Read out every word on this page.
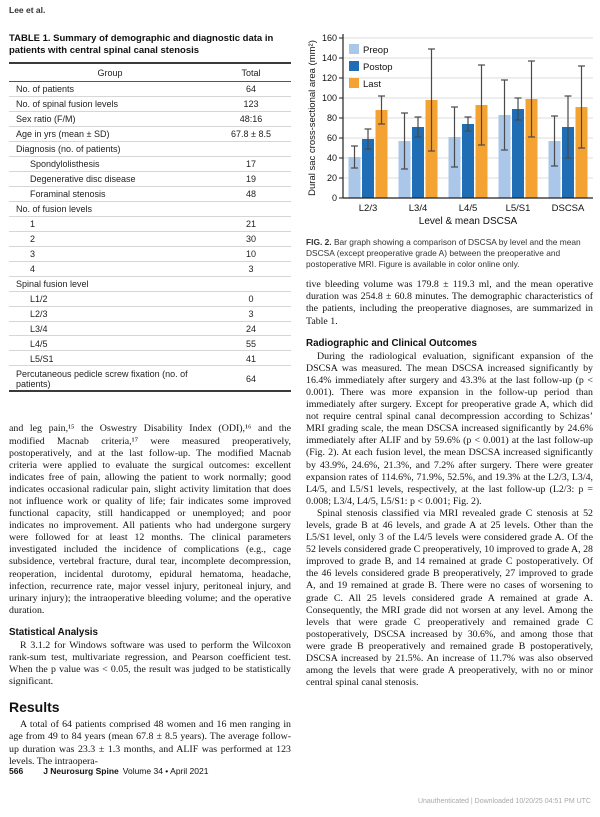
Lee et al.
TABLE 1. Summary of demographic and diagnostic data in patients with central spinal canal stenosis
Group	Total
No. of patients	64
No. of spinal fusion levels	123
Sex ratio (F/M)	48:16
Age in yrs (mean ± SD)	67.8 ± 8.5
Diagnosis (no. of patients)	
Spondylolisthesis	17
Degenerative disc disease	19
Foraminal stenosis	48
No. of fusion levels	
1	21
2	30
3	10
4	3
Spinal fusion level	
L1/2	0
L2/3	3
L3/4	24
L4/5	55
L5/S1	41
Percutaneous pedicle screw fixation (no. of patients)	64

and leg pain,¹⁵ the Oswestry Disability Index (ODI),¹⁶ and the modified Macnab criteria,¹⁷ were measured preoperatively, postoperatively, and at the last follow-up. The modified Macnab criteria were applied to evaluate the surgical outcomes: excellent indicates free of pain, allowing the patient to work normally; good indicates occasional radicular pain, slight activity limitation that does not influence work or quality of life; fair indicates some improved functional capacity, still handicapped or unemployed; and poor indicates no improvement. All patients who had undergone surgery were followed for at least 12 months. The clinical parameters investigated included the incidence of complications (e.g., cage subsidence, vertebral fracture, dural tear, incomplete decompression, reoperation, incidental durotomy, epidural hematoma, headache, infection, recurrence rate, major vessel injury, peritoneal injury, and urinary injury); the intraoperative bleeding volume; and the operative duration.

Statistical Analysis

R 3.1.2 for Windows software was used to perform the Wilcoxon rank-sum test, multivariate regression, and Pearson coefficient test. When the p value was < 0.05, the result was judged to be statistically significant.

Results

A total of 64 patients comprised 48 women and 16 men ranging in age from 49 to 84 years (mean 67.8 ± 8.5 years). The average follow-up duration was 23.3 ± 1.3 months, and ALIF was performed at 123 levels. The intraopera-

0
20
40
60
80
100
120
140
160
L2/3	L3/4	L4/5	L5/S1 DSCSA
Level & mean DSCSA
Dural sac cross-sectional area (mm²)	Preop
Postop
Last
FIG. 2. Bar graph showing a comparison of DSCSA by level and the mean DSCSA (except preoperative grade A) between the preoperative and postoperative MRI. Figure is available in color online only.

tive bleeding volume was 179.8 ± 119.3 ml, and the mean operative duration was 254.8 ± 60.8 minutes. The demographic characteristics of the patients, including the preoperative diagnoses, are summarized in Table 1.

Radiographic and Clinical Outcomes

During the radiological evaluation, significant expansion of the DSCSA was measured. The mean DSCSA increased significantly by 16.4% immediately after surgery and 43.3% at the last follow-up (p < 0.001). There was more expansion in the follow-up period than immediately after surgery. Except for preoperative grade A, which did not require central spinal canal decompression according to Schizas’ MRI grading scale, the mean DSCSA increased significantly by 24.6% immediately after ALIF and by 59.6% (p < 0.001) at the last follow-up (Fig. 2). At each fusion level, the mean DSCSA increased significantly by 43.9%, 24.6%, 21.3%, and 7.2% after surgery. There were greater expansion rates of 114.6%, 71.9%, 52.5%, and 19.3% at the L2/3, L3/4, L4/5, and L5/S1 levels, respectively, at the last follow-up (L2/3: p = 0.008; L3/4, L4/5, L5/S1: p < 0.001; Fig. 2).

Spinal stenosis classified via MRI revealed grade C stenosis at 52 levels, grade B at 46 levels, and grade A at 25 levels. Other than the L5/S1 level, only 3 of the L4/5 levels were considered grade A. Of the 52 levels considered grade C preoperatively, 10 improved to grade A, 28 improved to grade B, and 14 remained at grade C postoperatively. Of the 46 levels considered grade B preoperatively, 27 improved to grade A, and 19 remained at grade B. There were no cases of worsening to grade C. All 25 levels considered grade A remained at grade A. Consequently, the MRI grade did not worsen at any level. Among the levels that were grade C preoperatively and remained grade C postoperatively, DSCSA increased by 30.6%, and among those that were grade B preoperatively and remained grade B postoperatively, DSCSA increased by 21.5%. An increase of 11.7% was also observed among the levels that were grade A preoperatively, with no or minor central spinal canal stenosis.

566 J Neurosurg Spine Volume 34 • April 2021
Unauthenticated | Downloaded 10/20/25 04:51 PM UTC
